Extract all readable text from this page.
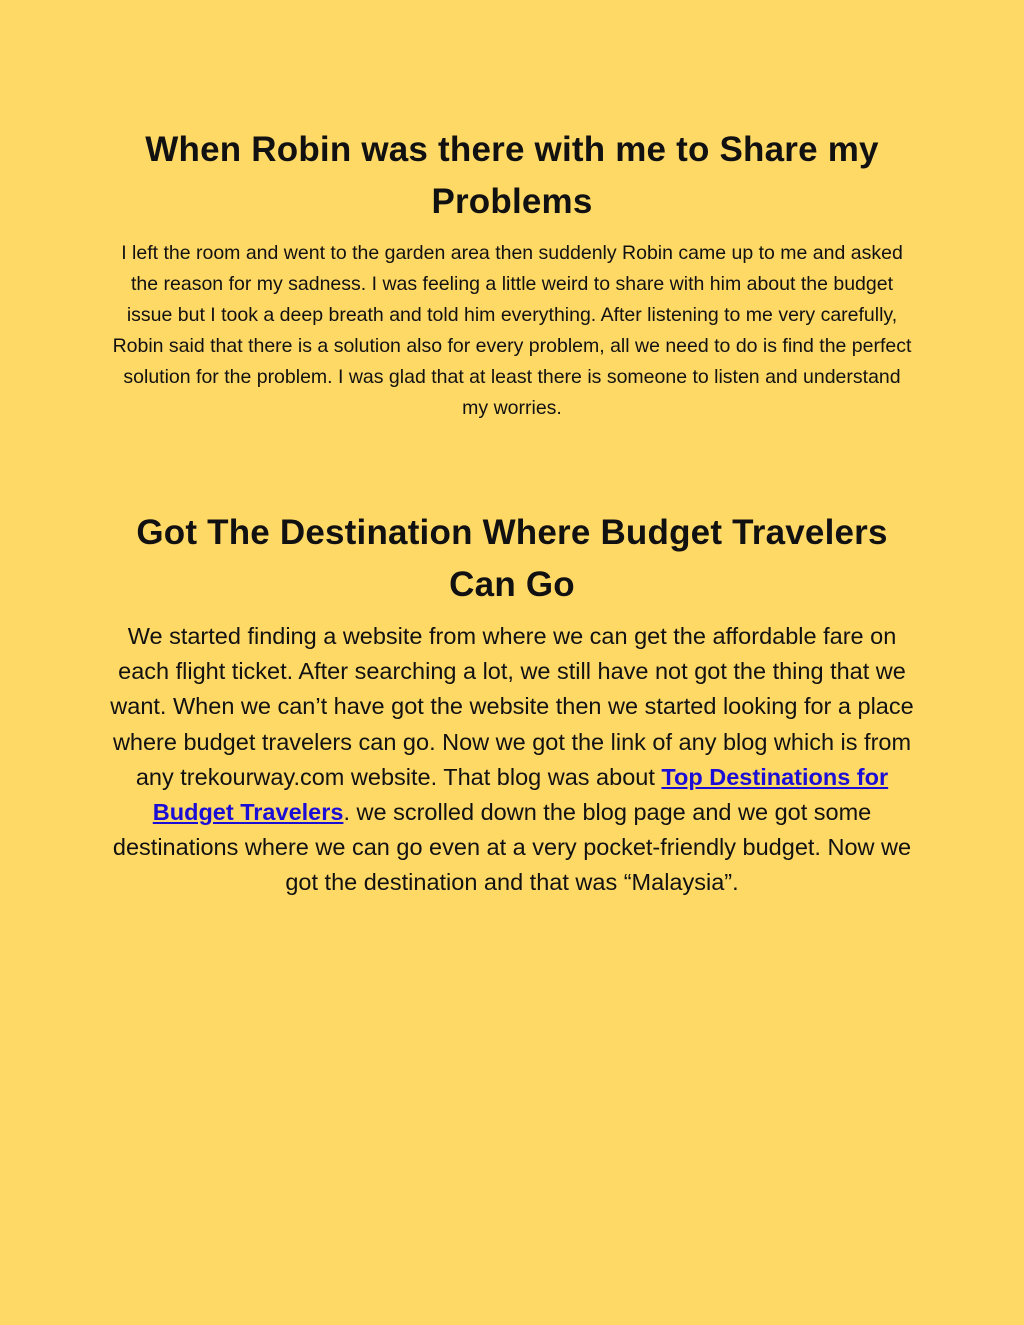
When Robin was there with me to Share my Problems

I left the room and went to the garden area then suddenly Robin came up to me and asked the reason for my sadness. I was feeling a little weird to share with him about the budget issue but I took a deep breath and told him everything. After listening to me very carefully, Robin said that there is a solution also for every problem, all we need to do is find the perfect solution for the problem. I was glad that at least there is someone to listen and understand my worries.

Got The Destination Where Budget Travelers Can Go

We started finding a website from where we can get the affordable fare on each flight ticket. After searching a lot, we still have not got the thing that we want. When we can’t have got the website then we started looking for a place where budget travelers can go. Now we got the link of any blog which is from any trekourway.com website. That blog was about Top Destinations for Budget Travelers. we scrolled down the blog page and we got some destinations where we can go even at a very pocket-friendly budget. Now we got the destination and that was “Malaysia”.
